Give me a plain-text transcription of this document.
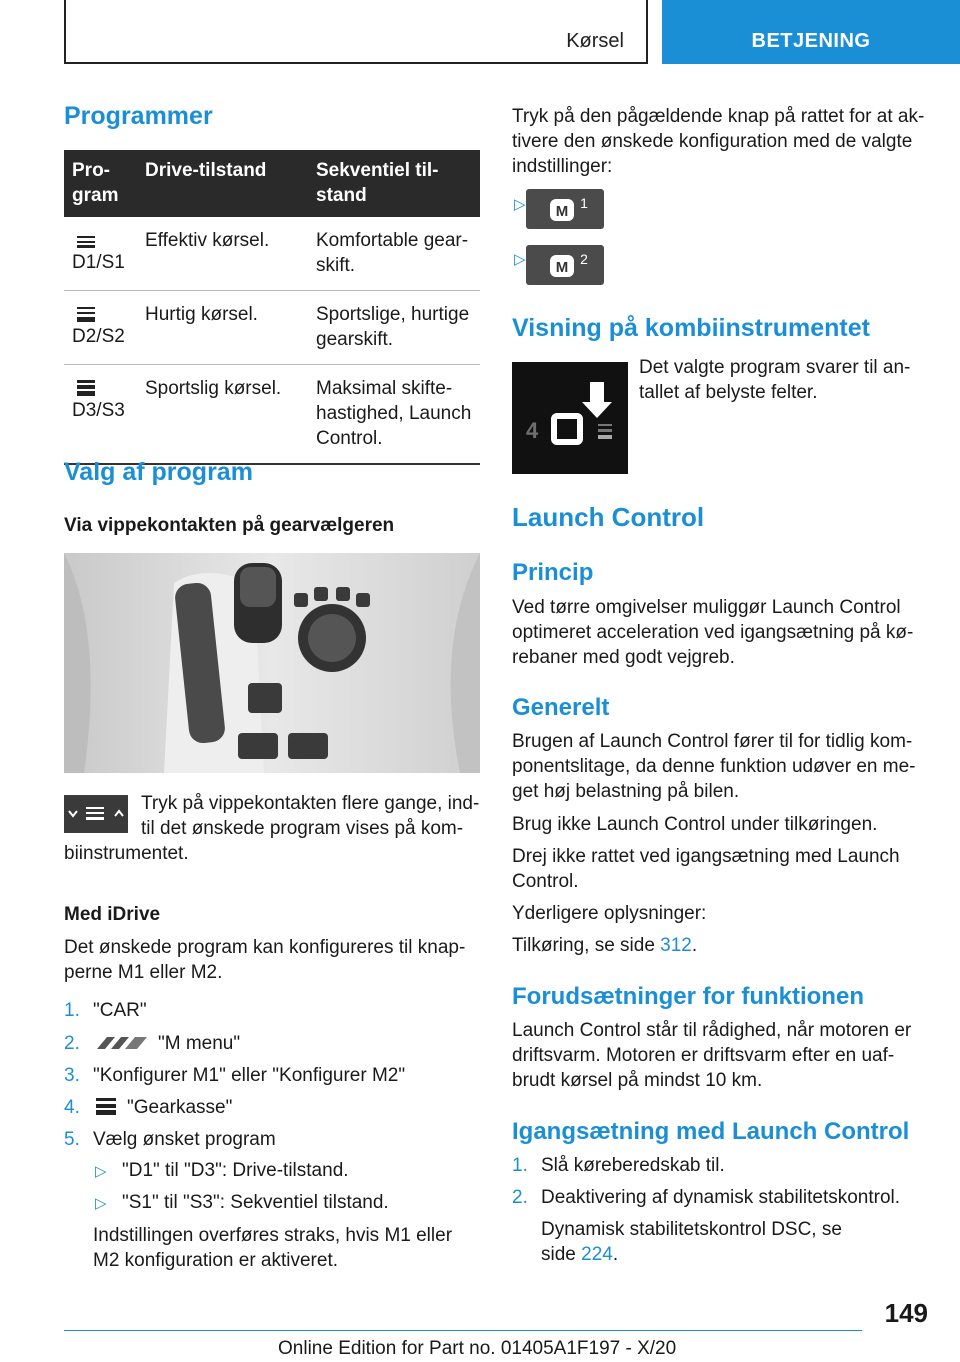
Kørsel	BETJENING
Programmer
Pro-
gram	Drive-tilstand	Sekventiel til-
stand

D1/S1	Effektiv kørsel.	Komfortable gear-
skift.

D2/S2	Hurtig kørsel.	Sportslige, hurtige
gearskift.

D3/S3	Sportslig kørsel.	Maksimal skifte-
hastighed, Launch
Control.
Valg af program
Via vippekontakten på gearvælgeren
Tryk på vippekontakten flere gange, ind-
til det ønskede program vises på kom-
biinstrumentet.
Med iDrive
Det ønskede program kan konfigureres til knap-
perne M1 eller M2.
1. "CAR"
2.	"M menu"
3. "Konfigurer M1" eller "Konfigurer M2"
4. "Gearkasse"
5. Vælg ønsket program
▷ "D1" til "D3": Drive-tilstand.
▷ "S1" til "S3": Sekventiel tilstand.
Indstillingen overføres straks, hvis M1 eller
M2 konfiguration er aktiveret.
Tryk på den pågældende knap på rattet for at ak-
tivere den ønskede konfiguration med de valgte
indstillinger:
▷ M 1
▷ M 2
Visning på kombiinstrumentet
4
Det valgte program svarer til an-
tallet af belyste felter.
Launch Control
Princip
Ved tørre omgivelser muliggør Launch Control
optimeret acceleration ved igangsætning på kø-
rebaner med godt vejgreb.
Generelt
Brugen af Launch Control fører til for tidlig kom-
ponentslitage, da denne funktion udøver en me-
get høj belastning på bilen.
Brug ikke Launch Control under tilkøringen.
Drej ikke rattet ved igangsætning med Launch
Control.
Yderligere oplysninger:
Tilkøring, se side 312.
Forudsætninger for funktionen
Launch Control står til rådighed, når motoren er
driftsvarm. Motoren er driftsvarm efter en uaf-
brudt kørsel på mindst 10 km.
Igangsætning med Launch Control
1. Slå køreberedskab til.
2. Deaktivering af dynamisk stabilitetskontrol.
Dynamisk stabilitetskontrol DSC, se
side 224.
149
Online Edition for Part no. 01405A1F197 - X/20
